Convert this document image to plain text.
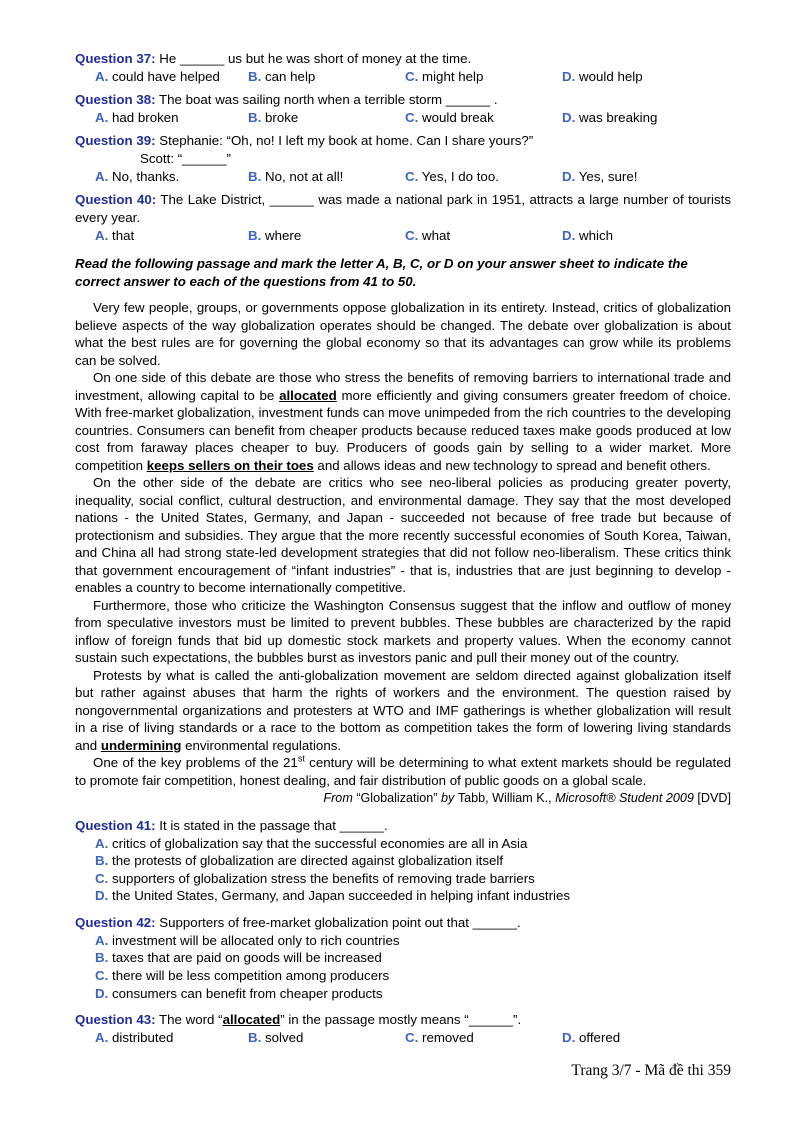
Question 37: He ______ us but he was short of money at the time.

A. could have helped	B. can help	C. might help	D. would help

Question 38: The boat was sailing north when a terrible storm ______ .

A. had broken	B. broke	C. would break	D. was breaking

Question 39: Stephanie: “Oh, no! I left my book at home. Can I share yours?”

Scott: “______”

A. No, thanks.	B. No, not at all!	C. Yes, I do too.	D. Yes, sure!

Question 40: The Lake District, ______ was made a national park in 1951, attracts a large number of tourists every year.

A. that	B. where	C. what	D. which

Read the following passage and mark the letter A, B, C, or D on your answer sheet to indicate the correct answer to each of the questions from 41 to 50.

Very few people, groups, or governments oppose globalization in its entirety. Instead, critics of globalization believe aspects of the way globalization operates should be changed. The debate over globalization is about what the best rules are for governing the global economy so that its advantages can grow while its problems can be solved.

On one side of this debate are those who stress the benefits of removing barriers to international trade and investment, allowing capital to be allocated more efficiently and giving consumers greater freedom of choice. With free-market globalization, investment funds can move unimpeded from the rich countries to the developing countries. Consumers can benefit from cheaper products because reduced taxes make goods produced at low cost from faraway places cheaper to buy. Producers of goods gain by selling to a wider market. More competition keeps sellers on their toes and allows ideas and new technology to spread and benefit others.

On the other side of the debate are critics who see neo-liberal policies as producing greater poverty, inequality, social conflict, cultural destruction, and environmental damage. They say that the most developed nations - the United States, Germany, and Japan - succeeded not because of free trade but because of protectionism and subsidies. They argue that the more recently successful economies of South Korea, Taiwan, and China all had strong state-led development strategies that did not follow neo-liberalism. These critics think that government encouragement of “infant industries” - that is, industries that are just beginning to develop - enables a country to become internationally competitive.

Furthermore, those who criticize the Washington Consensus suggest that the inflow and outflow of money from speculative investors must be limited to prevent bubbles. These bubbles are characterized by the rapid inflow of foreign funds that bid up domestic stock markets and property values. When the economy cannot sustain such expectations, the bubbles burst as investors panic and pull their money out of the country.

Protests by what is called the anti-globalization movement are seldom directed against globalization itself but rather against abuses that harm the rights of workers and the environment. The question raised by nongovernmental organizations and protesters at WTO and IMF gatherings is whether globalization will result in a rise of living standards or a race to the bottom as competition takes the form of lowering living standards and undermining environmental regulations.

One of the key problems of the 21st century will be determining to what extent markets should be regulated to promote fair competition, honest dealing, and fair distribution of public goods on a global scale.

From “Globalization” by Tabb, William K., Microsoft® Student 2009 [DVD]

Question 41: It is stated in the passage that ______.

A. critics of globalization say that the successful economies are all in Asia

B. the protests of globalization are directed against globalization itself

C. supporters of globalization stress the benefits of removing trade barriers

D. the United States, Germany, and Japan succeeded in helping infant industries

Question 42: Supporters of free-market globalization point out that ______.

A. investment will be allocated only to rich countries

B. taxes that are paid on goods will be increased

C. there will be less competition among producers

D. consumers can benefit from cheaper products

Question 43: The word “allocated” in the passage mostly means “______”.

A. distributed	B. solved	C. removed	D. offered

Trang 3/7 - Mã đề thi 359
